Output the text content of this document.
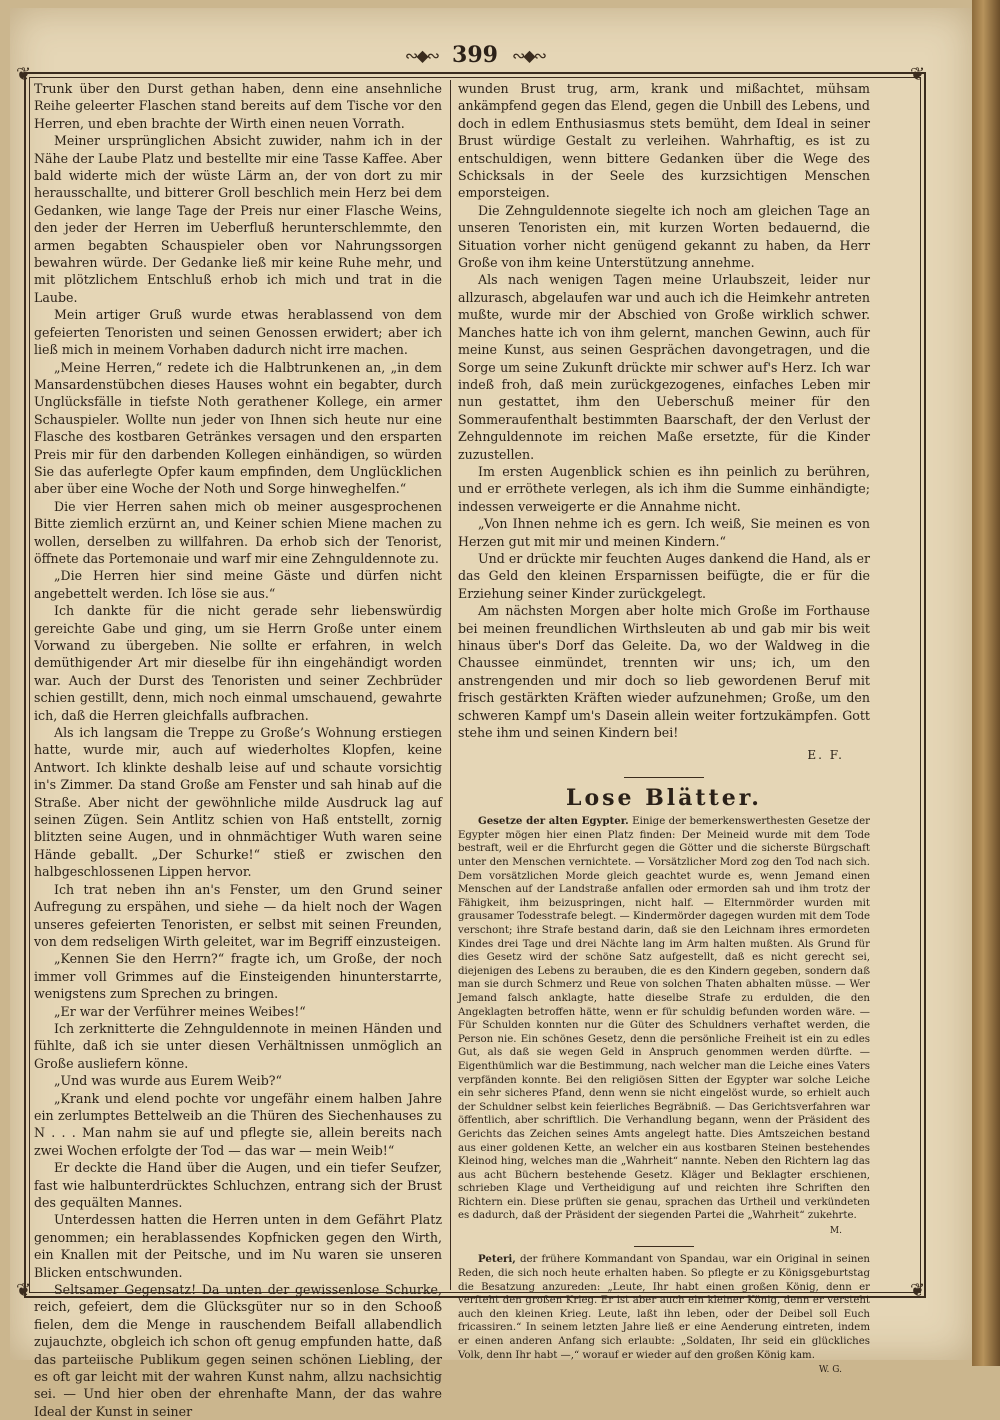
∾◆∾ 399 ∾◆∾
❦	❦
❦	❦

Trunk über den Durst gethan haben, denn eine ansehnliche Reihe geleerter Flaschen stand bereits auf dem Tische vor den Herren, und eben brachte der Wirth einen neuen Vorrath.

Meiner ursprünglichen Absicht zuwider, nahm ich in der Nähe der Laube Platz und bestellte mir eine Tasse Kaffee. Aber bald widerte mich der wüste Lärm an, der von dort zu mir herausschallte, und bitterer Groll beschlich mein Herz bei dem Gedanken, wie lange Tage der Preis nur einer Flasche Weins, den jeder der Herren im Ueberfluß herunterschlemmte, den armen begabten Schauspieler oben vor Nahrungssorgen bewahren würde. Der Gedanke ließ mir keine Ruhe mehr, und mit plötzlichem Entschluß erhob ich mich und trat in die Laube.

Mein artiger Gruß wurde etwas herablassend von dem gefeierten Tenoristen und seinen Genossen erwidert; aber ich ließ mich in meinem Vorhaben dadurch nicht irre machen.

„Meine Herren,“ redete ich die Halbtrunkenen an, „in dem Mansardenstübchen dieses Hauses wohnt ein begabter, durch Unglücksfälle in tiefste Noth gerathener Kollege, ein armer Schauspieler. Wollte nun jeder von Ihnen sich heute nur eine Flasche des kostbaren Getränkes versagen und den ersparten Preis mir für den darbenden Kollegen einhändigen, so würden Sie das auferlegte Opfer kaum empfinden, dem Unglücklichen aber über eine Woche der Noth und Sorge hinweghelfen.“

Die vier Herren sahen mich ob meiner ausgesprochenen Bitte ziemlich erzürnt an, und Keiner schien Miene machen zu wollen, derselben zu willfahren. Da erhob sich der Tenorist, öffnete das Portemonaie und warf mir eine Zehnguldennote zu.

„Die Herren hier sind meine Gäste und dürfen nicht angebettelt werden. Ich löse sie aus.“

Ich dankte für die nicht gerade sehr liebenswürdig gereichte Gabe und ging, um sie Herrn Große unter einem Vorwand zu übergeben. Nie sollte er erfahren, in welch demüthigender Art mir dieselbe für ihn eingehändigt worden war. Auch der Durst des Tenoristen und seiner Zechbrüder schien gestillt, denn, mich noch einmal umschauend, gewahrte ich, daß die Herren gleichfalls aufbrachen.

Als ich langsam die Treppe zu Große’s Wohnung erstiegen hatte, wurde mir, auch auf wiederholtes Klopfen, keine Antwort. Ich klinkte deshalb leise auf und schaute vorsichtig in's Zimmer. Da stand Große am Fenster und sah hinab auf die Straße. Aber nicht der gewöhnliche milde Ausdruck lag auf seinen Zügen. Sein Antlitz schien von Haß entstellt, zornig blitzten seine Augen, und in ohnmächtiger Wuth waren seine Hände geballt. „Der Schurke!“ stieß er zwischen den halbgeschlossenen Lippen hervor.

Ich trat neben ihn an's Fenster, um den Grund seiner Aufregung zu erspähen, und siehe — da hielt noch der Wagen unseres gefeierten Tenoristen, er selbst mit seinen Freunden, von dem redseligen Wirth geleitet, war im Begriff einzusteigen.

„Kennen Sie den Herrn?“ fragte ich, um Große, der noch immer voll Grimmes auf die Einsteigenden hinunterstarrte, wenigstens zum Sprechen zu bringen.

„Er war der Verführer meines Weibes!“

Ich zerknitterte die Zehnguldennote in meinen Händen und fühlte, daß ich sie unter diesen Verhältnissen unmöglich an Große ausliefern könne.

„Und was wurde aus Eurem Weib?“

„Krank und elend pochte vor ungefähr einem halben Jahre ein zerlumptes Bettelweib an die Thüren des Siechenhauses zu N . . . Man nahm sie auf und pflegte sie, allein bereits nach zwei Wochen erfolgte der Tod — das war — mein Weib!“

Er deckte die Hand über die Augen, und ein tiefer Seufzer, fast wie halbunterdrücktes Schluchzen, entrang sich der Brust des gequälten Mannes.

Unterdessen hatten die Herren unten in dem Gefährt Platz genommen; ein herablassendes Kopfnicken gegen den Wirth, ein Knallen mit der Peitsche, und im Nu waren sie unseren Blicken entschwunden.

Seltsamer Gegensatz! Da unten der gewissenlose Schurke, reich, gefeiert, dem die Glücksgüter nur so in den Schooß fielen, dem die Menge in rauschendem Beifall allabendlich zujauchzte, obgleich ich schon oft genug empfunden hatte, daß das parteiische Publikum gegen seinen schönen Liebling, der es oft gar leicht mit der wahren Kunst nahm, allzu nachsichtig sei. — Und hier oben der ehrenhafte Mann, der das wahre Ideal der Kunst in seiner

wunden Brust trug, arm, krank und mißachtet, mühsam ankämpfend gegen das Elend, gegen die Unbill des Lebens, und doch in edlem Enthusiasmus stets bemüht, dem Ideal in seiner Brust würdige Gestalt zu verleihen. Wahrhaftig, es ist zu entschuldigen, wenn bittere Gedanken über die Wege des Schicksals in der Seele des kurzsichtigen Menschen emporsteigen.

Die Zehnguldennote siegelte ich noch am gleichen Tage an unseren Tenoristen ein, mit kurzen Worten bedauernd, die Situation vorher nicht genügend gekannt zu haben, da Herr Große von ihm keine Unterstützung annehme.

Als nach wenigen Tagen meine Urlaubszeit, leider nur allzurasch, abgelaufen war und auch ich die Heimkehr antreten mußte, wurde mir der Abschied von Große wirklich schwer. Manches hatte ich von ihm gelernt, manchen Gewinn, auch für meine Kunst, aus seinen Gesprächen davongetragen, und die Sorge um seine Zukunft drückte mir schwer auf's Herz. Ich war indeß froh, daß mein zurückgezogenes, einfaches Leben mir nun gestattet, ihm den Ueberschuß meiner für den Sommeraufenthalt bestimmten Baarschaft, der den Verlust der Zehnguldennote im reichen Maße ersetzte, für die Kinder zuzustellen.

Im ersten Augenblick schien es ihn peinlich zu berühren, und er erröthete verlegen, als ich ihm die Summe einhändigte; indessen verweigerte er die Annahme nicht.

„Von Ihnen nehme ich es gern. Ich weiß, Sie meinen es von Herzen gut mit mir und meinen Kindern.“

Und er drückte mir feuchten Auges dankend die Hand, als er das Geld den kleinen Ersparnissen beifügte, die er für die Erziehung seiner Kinder zurückgelegt.

Am nächsten Morgen aber holte mich Große im Forthause bei meinen freundlichen Wirthsleuten ab und gab mir bis weit hinaus über's Dorf das Geleite. Da, wo der Waldweg in die Chaussee einmündet, trennten wir uns; ich, um den anstrengenden und mir doch so lieb gewordenen Beruf mit frisch gestärkten Kräften wieder aufzunehmen; Große, um den schweren Kampf um's Dasein allein weiter fortzukämpfen. Gott stehe ihm und seinen Kindern bei!

E. F.
Lose Blätter.

Gesetze der alten Egypter. Einige der bemerkenswerthesten Gesetze der Egypter mögen hier einen Platz finden: Der Meineid wurde mit dem Tode bestraft, weil er die Ehrfurcht gegen die Götter und die sicherste Bürgschaft unter den Menschen vernichtete. — Vorsätzlicher Mord zog den Tod nach sich. Dem vorsätzlichen Morde gleich geachtet wurde es, wenn Jemand einen Menschen auf der Landstraße anfallen oder ermorden sah und ihm trotz der Fähigkeit, ihm beizuspringen, nicht half. — Elternmörder wurden mit grausamer Todesstrafe belegt. — Kindermörder dagegen wurden mit dem Tode verschont; ihre Strafe bestand darin, daß sie den Leichnam ihres ermordeten Kindes drei Tage und drei Nächte lang im Arm halten mußten. Als Grund für dies Gesetz wird der schöne Satz aufgestellt, daß es nicht gerecht sei, diejenigen des Lebens zu berauben, die es den Kindern gegeben, sondern daß man sie durch Schmerz und Reue von solchen Thaten abhalten müsse. — Wer Jemand falsch anklagte, hatte dieselbe Strafe zu erdulden, die den Angeklagten betroffen hätte, wenn er für schuldig befunden worden wäre. — Für Schulden konnten nur die Güter des Schuldners verhaftet werden, die Person nie. Ein schönes Gesetz, denn die persönliche Freiheit ist ein zu edles Gut, als daß sie wegen Geld in Anspruch genommen werden dürfte. — Eigenthümlich war die Bestimmung, nach welcher man die Leiche eines Vaters verpfänden konnte. Bei den religiösen Sitten der Egypter war solche Leiche ein sehr sicheres Pfand, denn wenn sie nicht eingelöst wurde, so erhielt auch der Schuldner selbst kein feierliches Begräbniß. — Das Gerichtsverfahren war öffentlich, aber schriftlich. Die Verhandlung begann, wenn der Präsident des Gerichts das Zeichen seines Amts angelegt hatte. Dies Amtszeichen bestand aus einer goldenen Kette, an welcher ein aus kostbaren Steinen bestehendes Kleinod hing, welches man die „Wahrheit“ nannte. Neben den Richtern lag das aus acht Büchern bestehende Gesetz. Kläger und Beklagter erschienen, schrieben Klage und Vertheidigung auf und reichten ihre Schriften den Richtern ein. Diese prüften sie genau, sprachen das Urtheil und verkündeten es dadurch, daß der Präsident der siegenden Partei die „Wahrheit“ zukehrte.

M.

Peteri, der frühere Kommandant von Spandau, war ein Original in seinen Reden, die sich noch heute erhalten haben. So pflegte er zu Königsgeburtstag die Besatzung anzureden: „Leute, Ihr habt einen großen König, denn er verfteht den großen Krieg. Er ist aber auch ein kleiner König, denn er versteht auch den kleinen Krieg. Leute, laßt ihn leben, oder der Deibel soll Euch fricassiren.“ In seinem letzten Jahre ließ er eine Aenderung eintreten, indem er einen anderen Anfang sich erlaubte: „Soldaten, Ihr seid ein glückliches Volk, denn Ihr habt —,“ worauf er wieder auf den großen König kam.

W. G.
